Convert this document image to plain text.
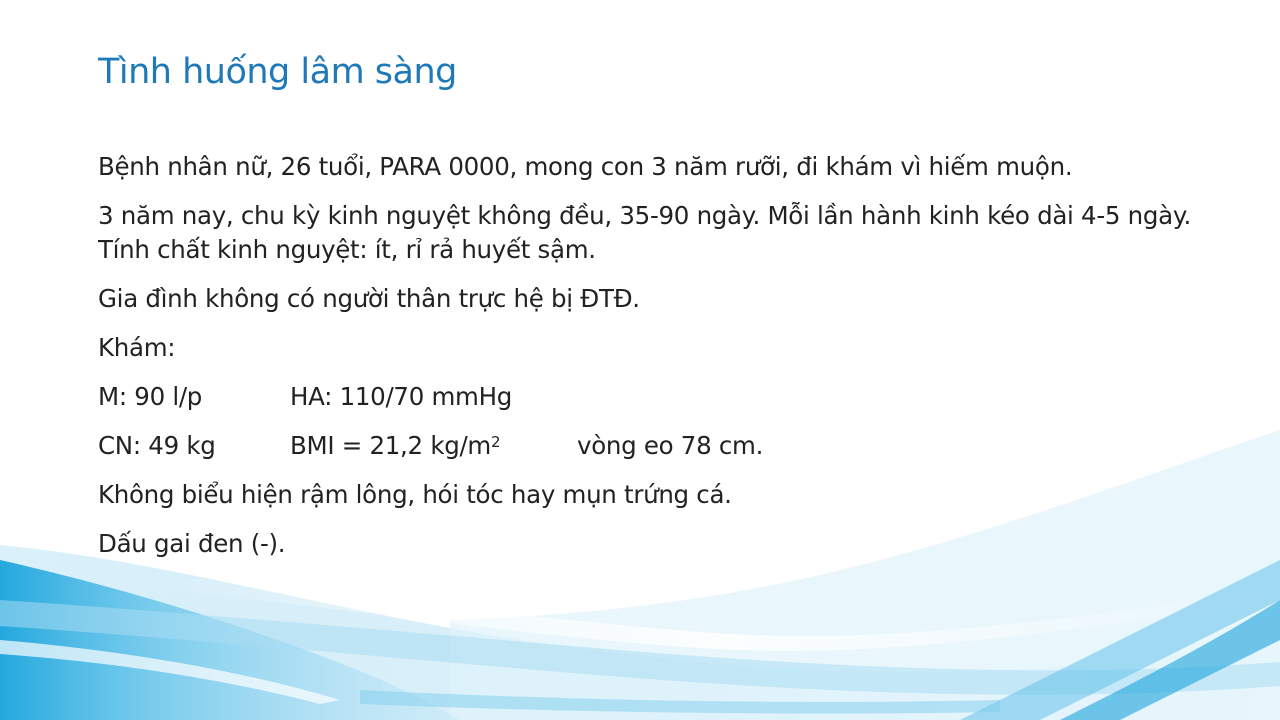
Tình huống lâm sàng

Bệnh nhân nữ, 26 tuổi, PARA 0000, mong con 3 năm rưỡi, đi khám vì hiếm muộn.

3 năm nay, chu kỳ kinh nguyệt không đều, 35-90 ngày. Mỗi lần hành kinh kéo dài 4-5 ngày. Tính chất kinh nguyệt: ít, rỉ rả huyết sậm.

Gia đình không có người thân trực hệ bị ĐTĐ.

Khám:

M: 90 l/p	HA: 110/70 mmHg

CN: 49 kg	BMI = 21,2 $kg/m^2$	vòng eo 78 cm.

Không biểu hiện rậm lông, hói tóc hay mụn trứng cá.

Dấu gai đen (-).
